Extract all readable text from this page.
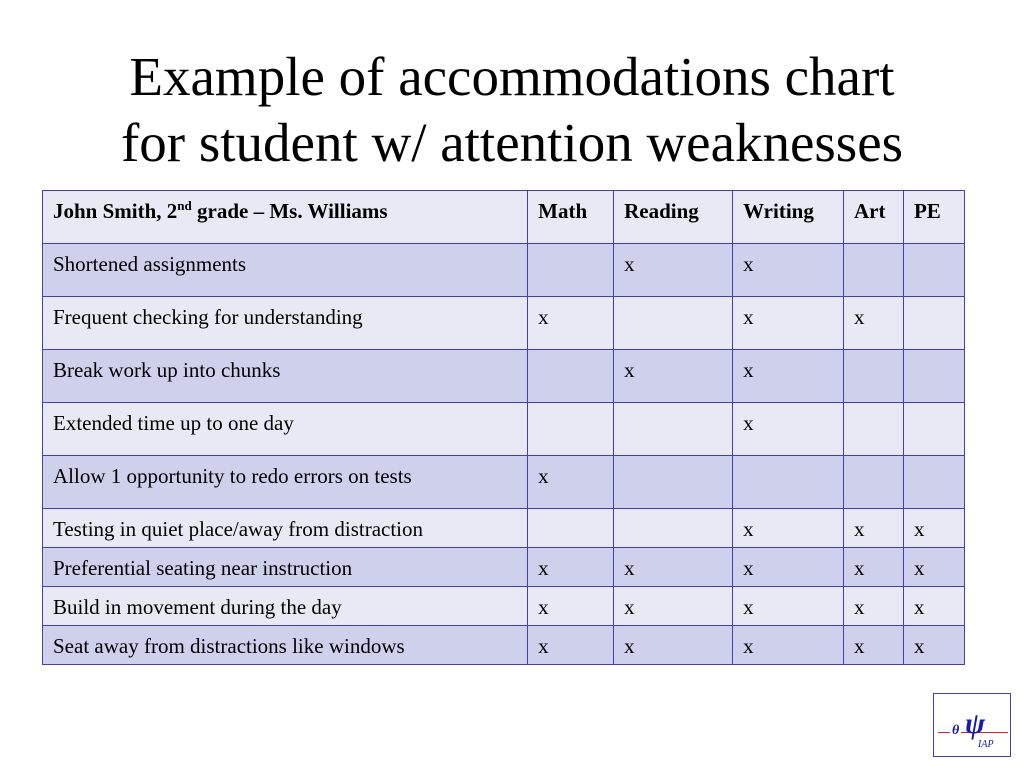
Example of accommodations chart
for student w/ attention weaknesses
John Smith, 2nd grade – Ms. Williams	Math	Reading	Writing	Art	PE
Shortened assignments		x	x		
Frequent checking for understanding	x		x	x	
Break work up into chunks		x	x		
Extended time up to one day			x		
Allow 1 opportunity to redo errors on tests	x				
Testing in quiet place/away from distraction			x	x	x
Preferential seating near instruction	x	x	x	x	x
Build in movement during the day	x	x	x	x	x
Seat away from distractions like windows	x	x	x	x	x
θ ψ
IAP
